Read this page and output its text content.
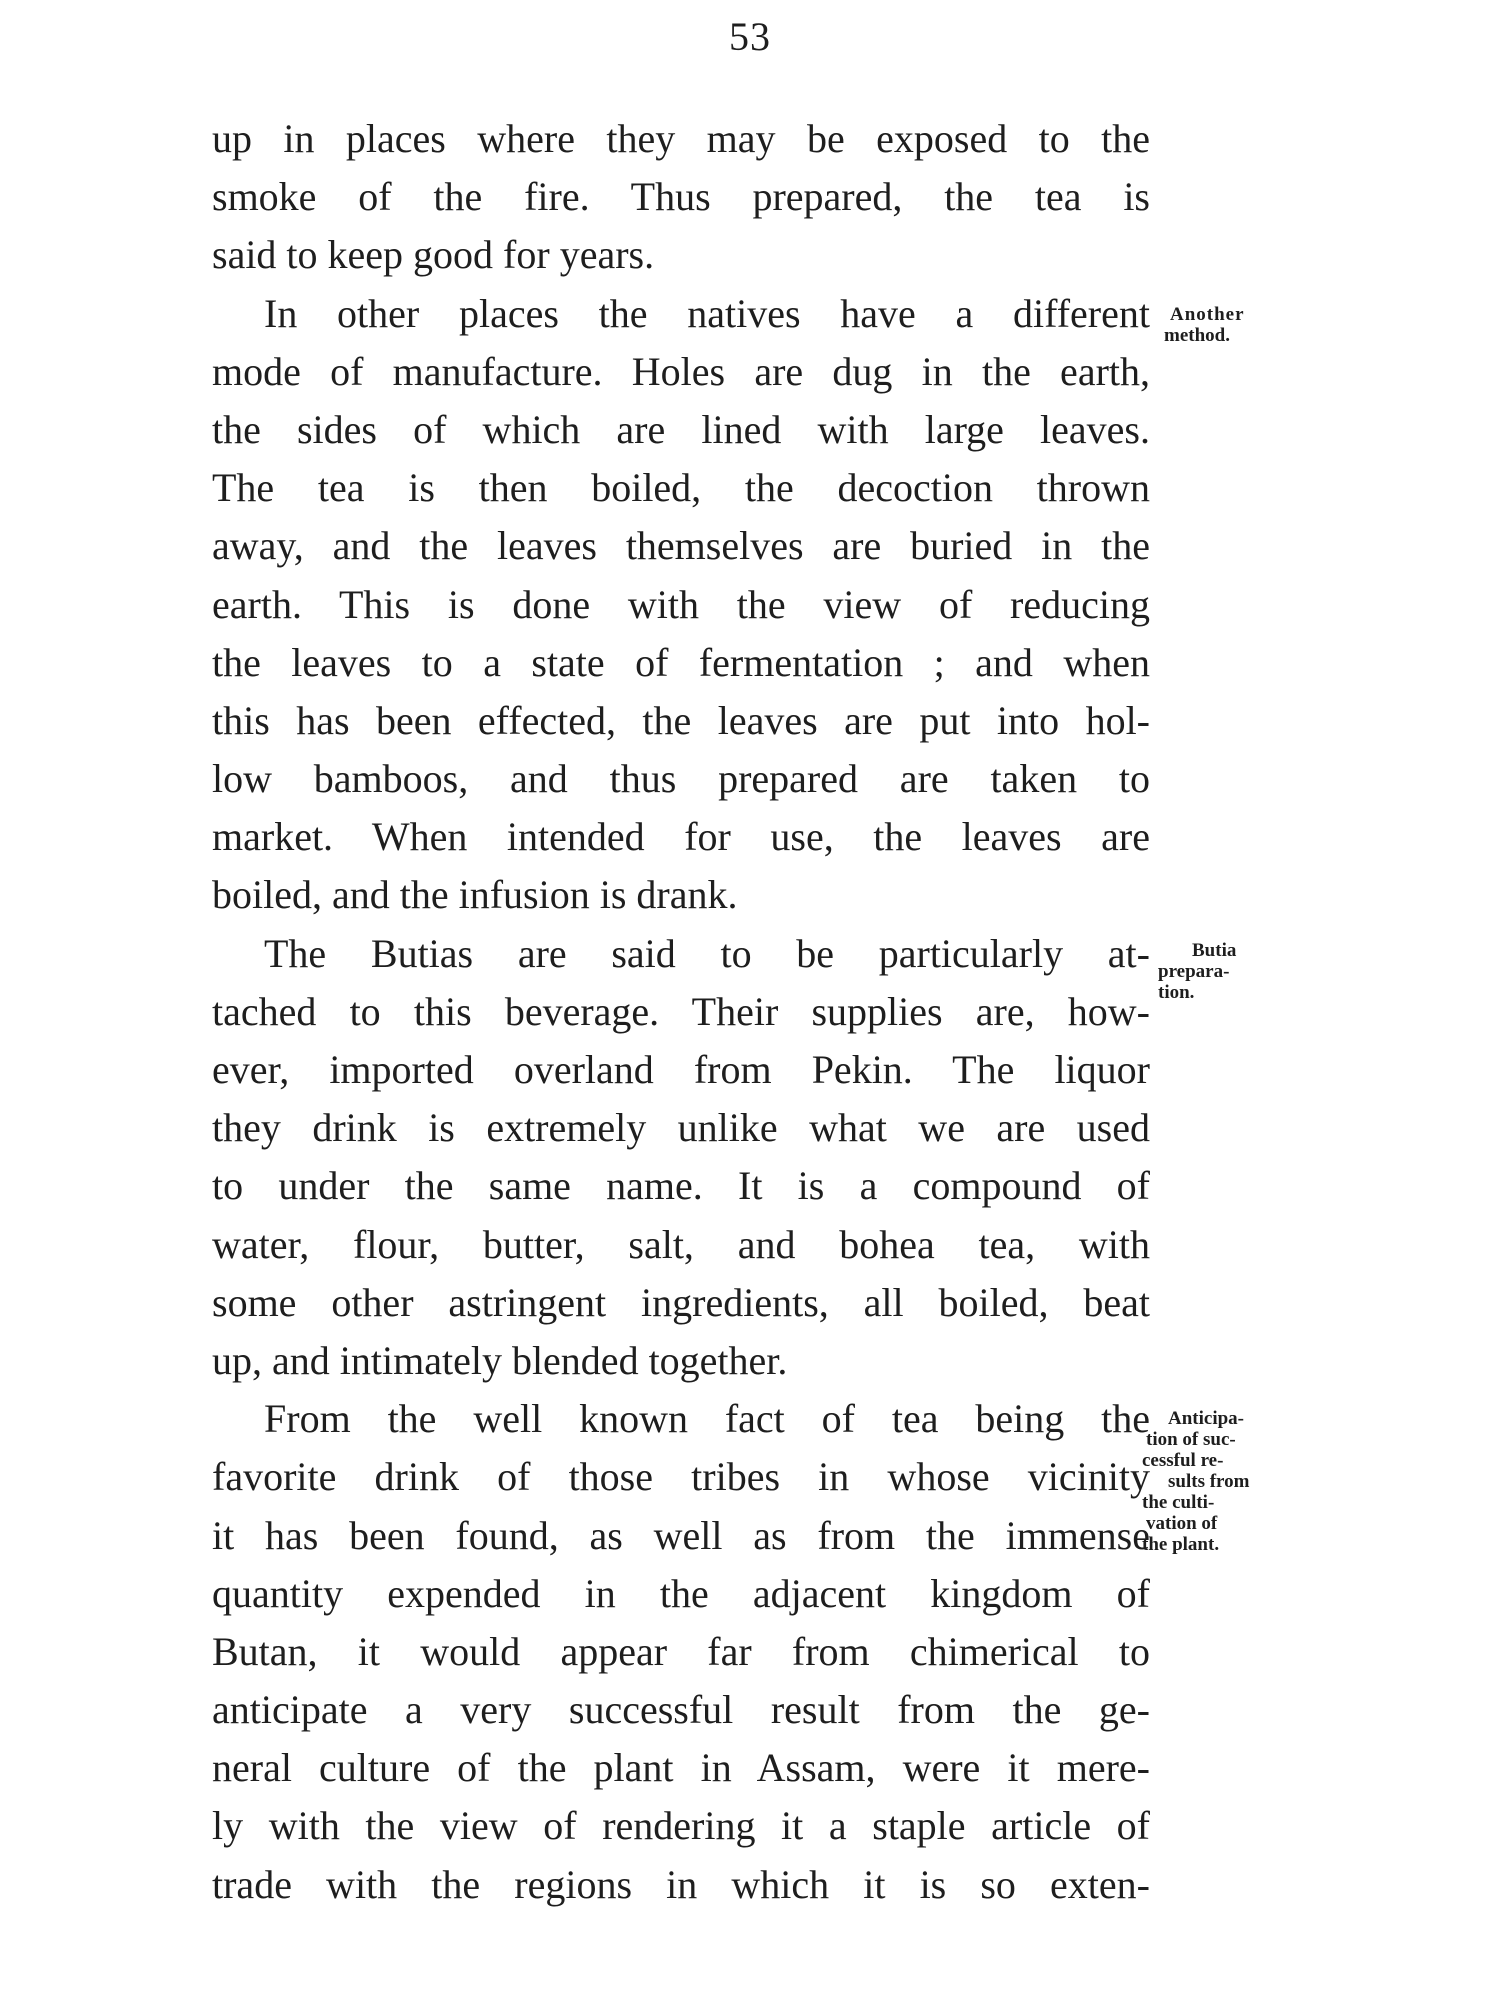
53
up in places where they may be exposed to the
smoke of the fire. Thus prepared, the tea is
said to keep good for years.
In other places the natives have a different
mode of manufacture. Holes are dug in the earth,
the sides of which are lined with large leaves.
The tea is then boiled, the decoction thrown
away, and the leaves themselves are buried in the
earth. This is done with the view of reducing
the leaves to a state of fermentation ; and when
this has been effected, the leaves are put into hol-
low bamboos, and thus prepared are taken to
market. When intended for use, the leaves are
boiled, and the infusion is drank.
The Butias are said to be particularly at-
tached to this beverage. Their supplies are, how-
ever, imported overland from Pekin. The liquor
they drink is extremely unlike what we are used
to under the same name. It is a compound of
water, flour, butter, salt, and bohea tea, with
some other astringent ingredients, all boiled, beat
up, and intimately blended together.
From the well known fact of tea being the
favorite drink of those tribes in whose vicinity
it has been found, as well as from the immense
quantity expended in the adjacent kingdom of
Butan, it would appear far from chimerical to
anticipate a very successful result from the ge-
neral culture of the plant in Assam, were it mere-
ly with the view of rendering it a staple article of
trade with the regions in which it is so exten-
Another
method.
Butia
prepara-
tion.
Anticipa-
tion of suc-
cessful re-
sults from
the culti-
vation of
the plant.
